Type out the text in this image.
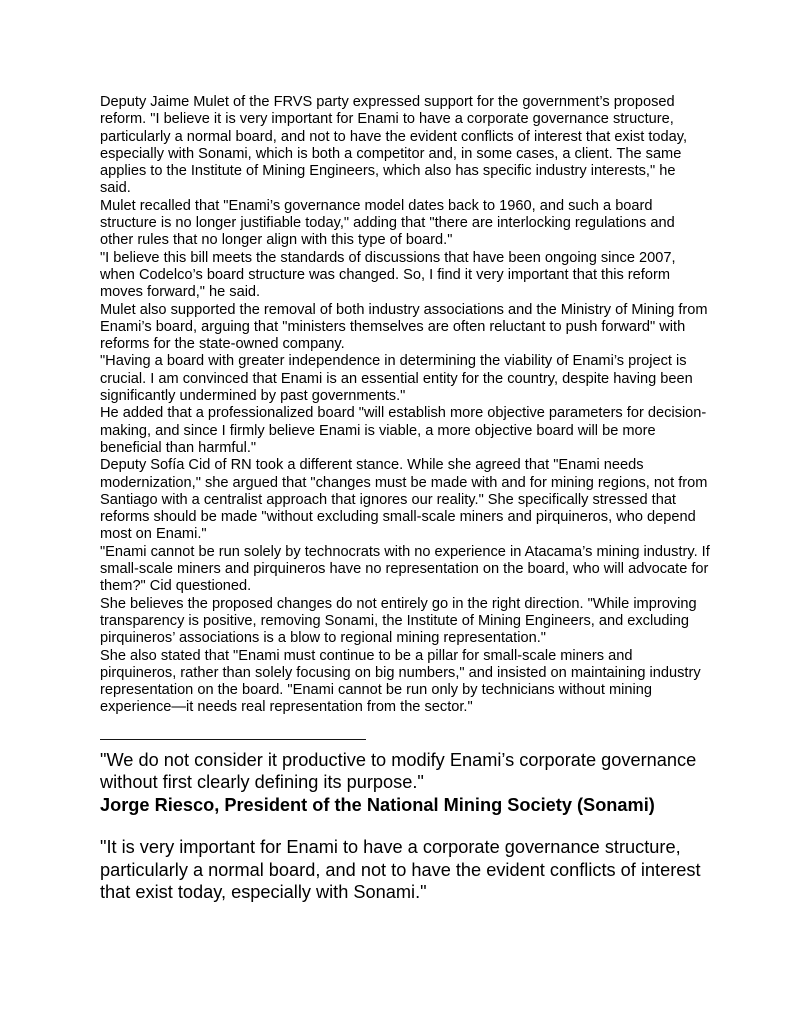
Deputy Jaime Mulet of the FRVS party expressed support for the government’s proposed reform. "I believe it is very important for Enami to have a corporate governance structure, particularly a normal board, and not to have the evident conflicts of interest that exist today, especially with Sonami, which is both a competitor and, in some cases, a client. The same applies to the Institute of Mining Engineers, which also has specific industry interests," he said.

Mulet recalled that "Enami’s governance model dates back to 1960, and such a board structure is no longer justifiable today," adding that "there are interlocking regulations and other rules that no longer align with this type of board."

"I believe this bill meets the standards of discussions that have been ongoing since 2007, when Codelco’s board structure was changed. So, I find it very important that this reform moves forward," he said.

Mulet also supported the removal of both industry associations and the Ministry of Mining from Enami’s board, arguing that "ministers themselves are often reluctant to push forward" with reforms for the state-owned company.

"Having a board with greater independence in determining the viability of Enami’s project is crucial. I am convinced that Enami is an essential entity for the country, despite having been significantly undermined by past governments."

He added that a professionalized board "will establish more objective parameters for decision-making, and since I firmly believe Enami is viable, a more objective board will be more beneficial than harmful."

Deputy Sofía Cid of RN took a different stance. While she agreed that "Enami needs modernization," she argued that "changes must be made with and for mining regions, not from Santiago with a centralist approach that ignores our reality." She specifically stressed that reforms should be made "without excluding small-scale miners and pirquineros, who depend most on Enami."

"Enami cannot be run solely by technocrats with no experience in Atacama’s mining industry. If small-scale miners and pirquineros have no representation on the board, who will advocate for them?" Cid questioned.

She believes the proposed changes do not entirely go in the right direction. "While improving transparency is positive, removing Sonami, the Institute of Mining Engineers, and excluding pirquineros’ associations is a blow to regional mining representation."

She also stated that "Enami must continue to be a pillar for small-scale miners and pirquineros, rather than solely focusing on big numbers," and insisted on maintaining industry representation on the board. "Enami cannot be run only by technicians without mining experience—it needs real representation from the sector."

———————————————————

"We do not consider it productive to modify Enami’s corporate governance without first clearly defining its purpose."

Jorge Riesco, President of the National Mining Society (Sonami)

"It is very important for Enami to have a corporate governance structure, particularly a normal board, and not to have the evident conflicts of interest that exist today, especially with Sonami."
